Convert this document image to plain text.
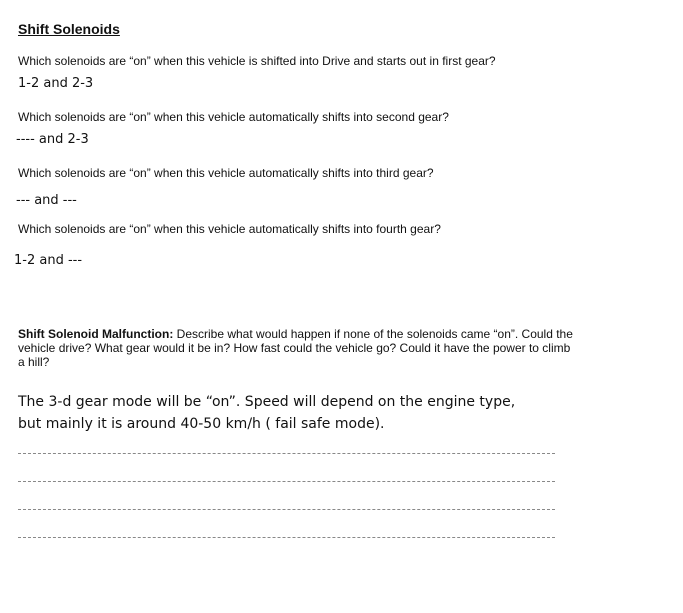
Shift Solenoids
Which solenoids are “on” when this vehicle is shifted into Drive and starts out in first gear?
1-2 and 2-3
Which solenoids are “on” when this vehicle automatically shifts into second gear?
---- and 2-3
Which solenoids are “on” when this vehicle automatically shifts into third gear?
--- and ---
Which solenoids are “on” when this vehicle automatically shifts into fourth gear?
1-2 and ---
Shift Solenoid Malfunction: Describe what would happen if none of the solenoids came “on”. Could the vehicle drive? What gear would it be in? How fast could the vehicle go? Could it have the power to climb a hill?
The 3-d gear mode will be “on”. Speed will depend on the engine type,
but mainly it is around 40-50 km/h ( fail safe mode).
